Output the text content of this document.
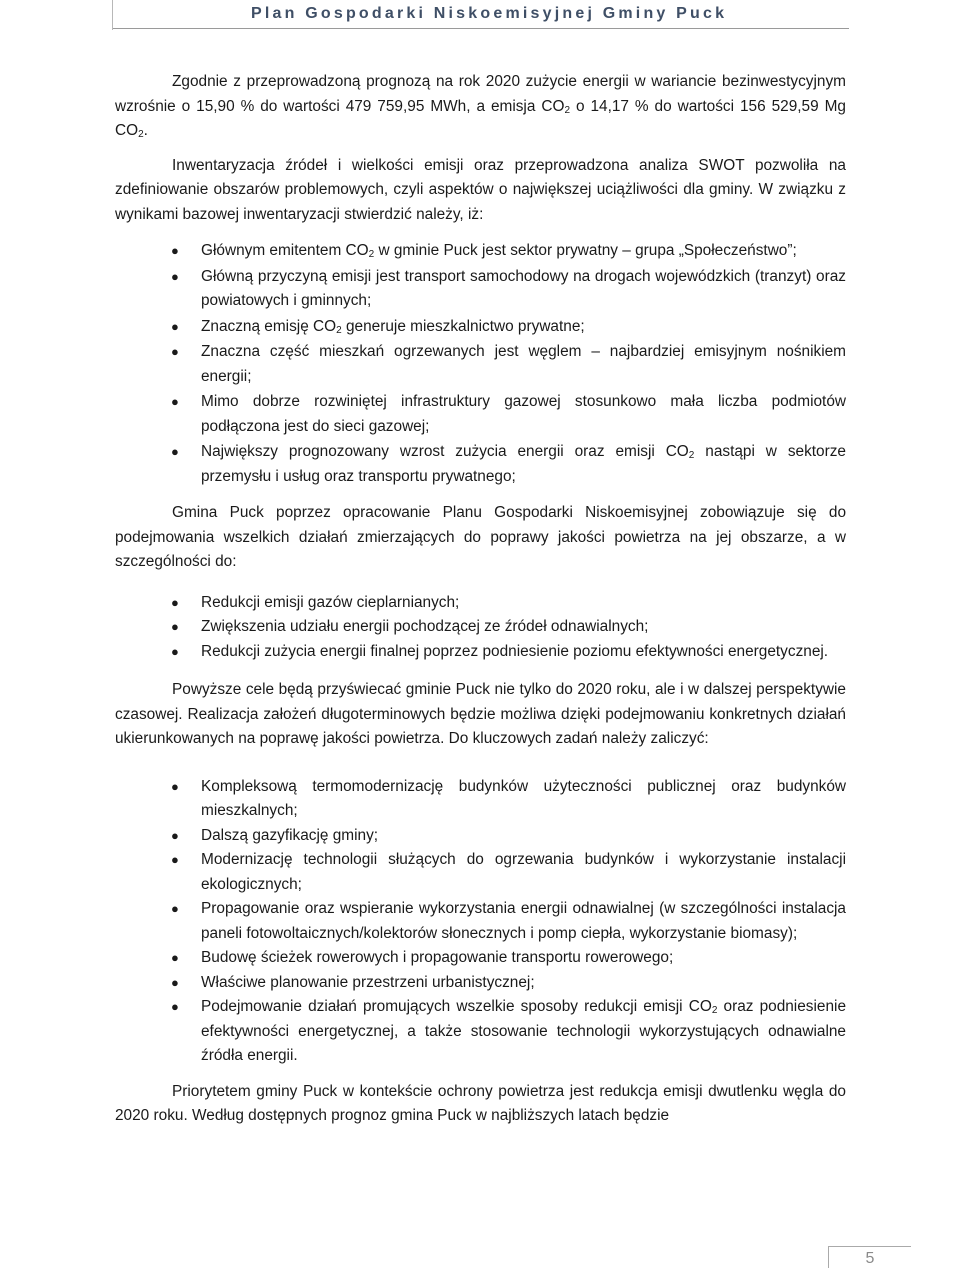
Plan Gospodarki Niskoemisyjnej Gminy Puck

Zgodnie z przeprowadzoną prognozą na rok 2020 zużycie energii w wariancie bezinwestycyjnym wzrośnie o 15,90 % do wartości 479 759,95 MWh, a emisja $CO_2$ o 14,17 % do wartości 156 529,59 Mg $CO_2$.

Inwentaryzacja źródeł i wielkości emisji oraz przeprowadzona analiza SWOT pozwoliła na zdefiniowanie obszarów problemowych, czyli aspektów o największej uciążliwości dla gminy. W związku z wynikami bazowej inwentaryzacji stwierdzić należy, iż:

● Głównym emitentem $CO_2$ w gminie Puck jest sektor prywatny – grupa „Społeczeństwo”;
● Główną przyczyną emisji jest transport samochodowy na drogach wojewódzkich (tranzyt) oraz powiatowych i gminnych;
● Znaczną emisję $CO_2$ generuje mieszkalnictwo prywatne;
● Znaczna część mieszkań ogrzewanych jest węglem – najbardziej emisyjnym nośnikiem energii;
● Mimo dobrze rozwiniętej infrastruktury gazowej stosunkowo mała liczba podmiotów podłączona jest do sieci gazowej;
● Największy prognozowany wzrost zużycia energii oraz emisji $CO_2$ nastąpi w sektorze przemysłu i usług oraz transportu prywatnego;

Gmina Puck poprzez opracowanie Planu Gospodarki Niskoemisyjnej zobowiązuje się do podejmowania wszelkich działań zmierzających do poprawy jakości powietrza na jej obszarze, a w szczególności do:

● Redukcji emisji gazów cieplarnianych;
● Zwiększenia udziału energii pochodzącej ze źródeł odnawialnych;
● Redukcji zużycia energii finalnej poprzez podniesienie poziomu efektywności energetycznej.

Powyższe cele będą przyświecać gminie Puck nie tylko do 2020 roku, ale i w dalszej perspektywie czasowej. Realizacja założeń długoterminowych będzie możliwa dzięki podejmowaniu konkretnych działań ukierunkowanych na poprawę jakości powietrza. Do kluczowych zadań należy zaliczyć:

● Kompleksową termomodernizację budynków użyteczności publicznej oraz budynków mieszkalnych;
● Dalszą gazyfikację gminy;
● Modernizację technologii służących do ogrzewania budynków i wykorzystanie instalacji ekologicznych;
● Propagowanie oraz wspieranie wykorzystania energii odnawialnej (w szczególności instalacja paneli fotowoltaicznych/kolektorów słonecznych i pomp ciepła, wykorzystanie biomasy);
● Budowę ścieżek rowerowych i propagowanie transportu rowerowego;
● Właściwe planowanie przestrzeni urbanistycznej;
● Podejmowanie działań promujących wszelkie sposoby redukcji emisji $CO_2$ oraz podniesienie efektywności energetycznej, a także stosowanie technologii wykorzystujących odnawialne źródła energii.

Priorytetem gminy Puck w kontekście ochrony powietrza jest redukcja emisji dwutlenku węgla do 2020 roku. Według dostępnych prognoz gmina Puck w najbliższych latach będzie

5
